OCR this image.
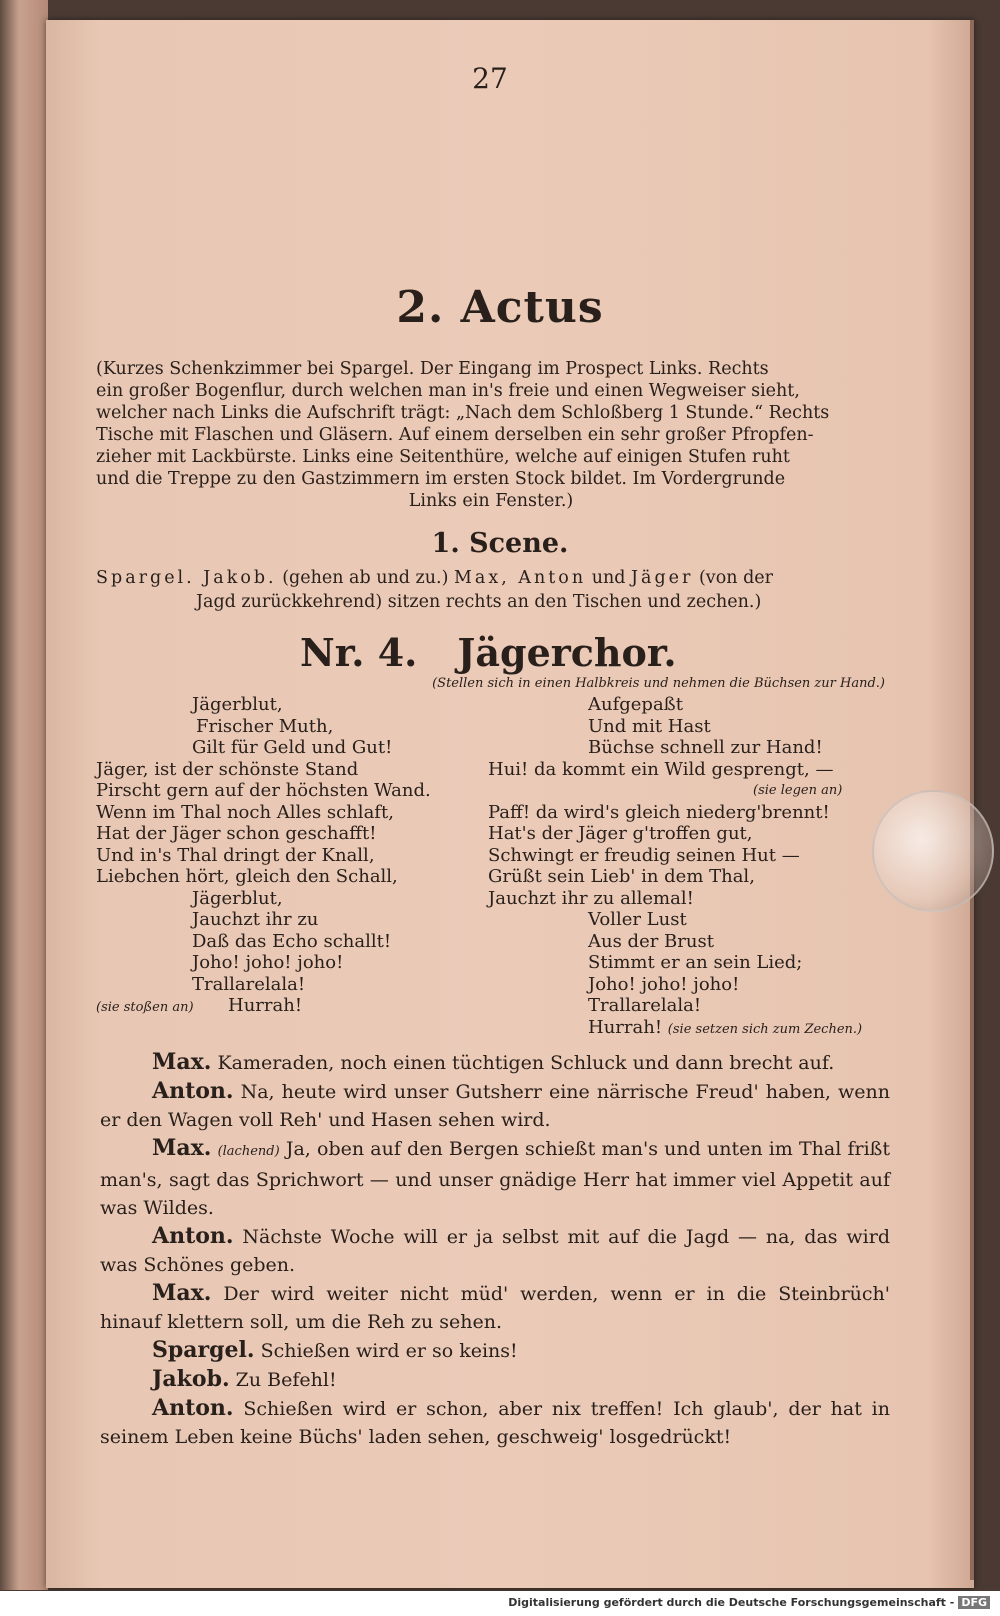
27
2. Actus
(Kurzes Schenkzimmer bei Spargel. Der Eingang im Prospect Links. Rechts
ein großer Bogenflur, durch welchen man in's freie und einen Wegweiser sieht,
welcher nach Links die Aufschrift trägt: „Nach dem Schloßberg 1 Stunde.“ Rechts
Tische mit Flaschen und Gläsern. Auf einem derselben ein sehr großer Pfropfen-
zieher mit Lackbürste. Links eine Seitenthüre, welche auf einigen Stufen ruht
und die Treppe zu den Gastzimmern im ersten Stock bildet. Im Vordergrunde
Links ein Fenster.)
1. Scene.
Spargel. Jakob. (gehen ab und zu.) Max, Anton und Jäger (von der
Jagd zurückkehrend) sitzen rechts an den Tischen und zechen.)
Nr. 4. Jägerchor.
(Stellen sich in einen Halbkreis und nehmen die Büchsen zur Hand.)
Jägerblut,
Frischer Muth,
Gilt für Geld und Gut!
Jäger, ist der schönste Stand
Pirscht gern auf der höchsten Wand.
Wenn im Thal noch Alles schlaft,
Hat der Jäger schon geschafft!
Und in's Thal dringt der Knall,
Liebchen hört, gleich den Schall,
Jägerblut,
Jauchzt ihr zu
Daß das Echo schallt!
Joho! joho! joho!
Trallarelala!
(sie stoßen an) Hurrah!
Aufgepaßt
Und mit Hast
Büchse schnell zur Hand!
Hui! da kommt ein Wild gesprengt, —
(sie legen an)
Paff! da wird's gleich niederg'brennt!
Hat's der Jäger g'troffen gut,
Schwingt er freudig seinen Hut —
Grüßt sein Lieb' in dem Thal,
Jauchzt ihr zu allemal!
Voller Lust
Aus der Brust
Stimmt er an sein Lied;
Joho! joho! joho!
Trallarelala!
Hurrah! (sie setzen sich zum Zechen.)
Max. Kameraden, noch einen tüchtigen Schluck und dann brecht auf.
Anton. Na, heute wird unser Gutsherr eine närrische Freud' haben, wenn er den Wagen voll Reh' und Hasen sehen wird.
Max. (lachend) Ja, oben auf den Bergen schießt man's und unten im Thal frißt man's, sagt das Sprichwort — und unser gnädige Herr hat immer viel Appetit auf was Wildes.
Anton. Nächste Woche will er ja selbst mit auf die Jagd — na, das wird was Schönes geben.
Max. Der wird weiter nicht müd' werden, wenn er in die Steinbrüch' hinauf klettern soll, um die Reh zu sehen.
Spargel. Schießen wird er so keins!
Jakob. Zu Befehl!
Anton. Schießen wird er schon, aber nix treffen! Ich glaub', der hat in seinem Leben keine Büchs' laden sehen, geschweig' losgedrückt!
Digitalisierung gefördert durch die Deutsche Forschungsgemeinschaft - DFG
